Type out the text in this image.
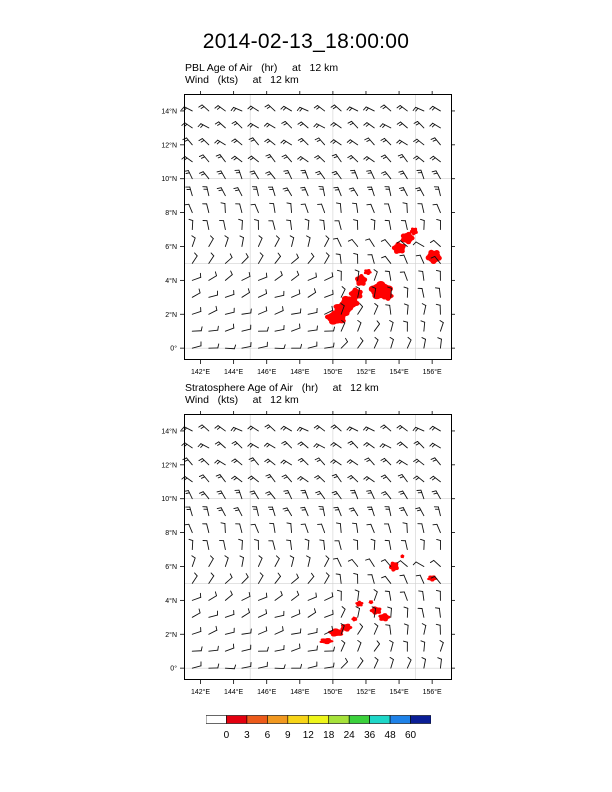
2014-02-13_18:00:00
PBL Age of Air   (hr)     at   12 km
Wind   (kts)     at   12 km
142°E 144°E 146°E 148°E 150°E 152°E 154°E 156°E
0°
2°N
4°N
6°N
8°N
10°N
12°N
14°N
Stratosphere Age of Air   (hr)     at   12 km
Wind   (kts)     at   12 km
142°E 144°E 146°E 148°E 150°E 152°E 154°E 156°E
0°
2°N
4°N
6°N
8°N
10°N
12°N
14°N
0 3 6 9 12 18 24 36 48 60
